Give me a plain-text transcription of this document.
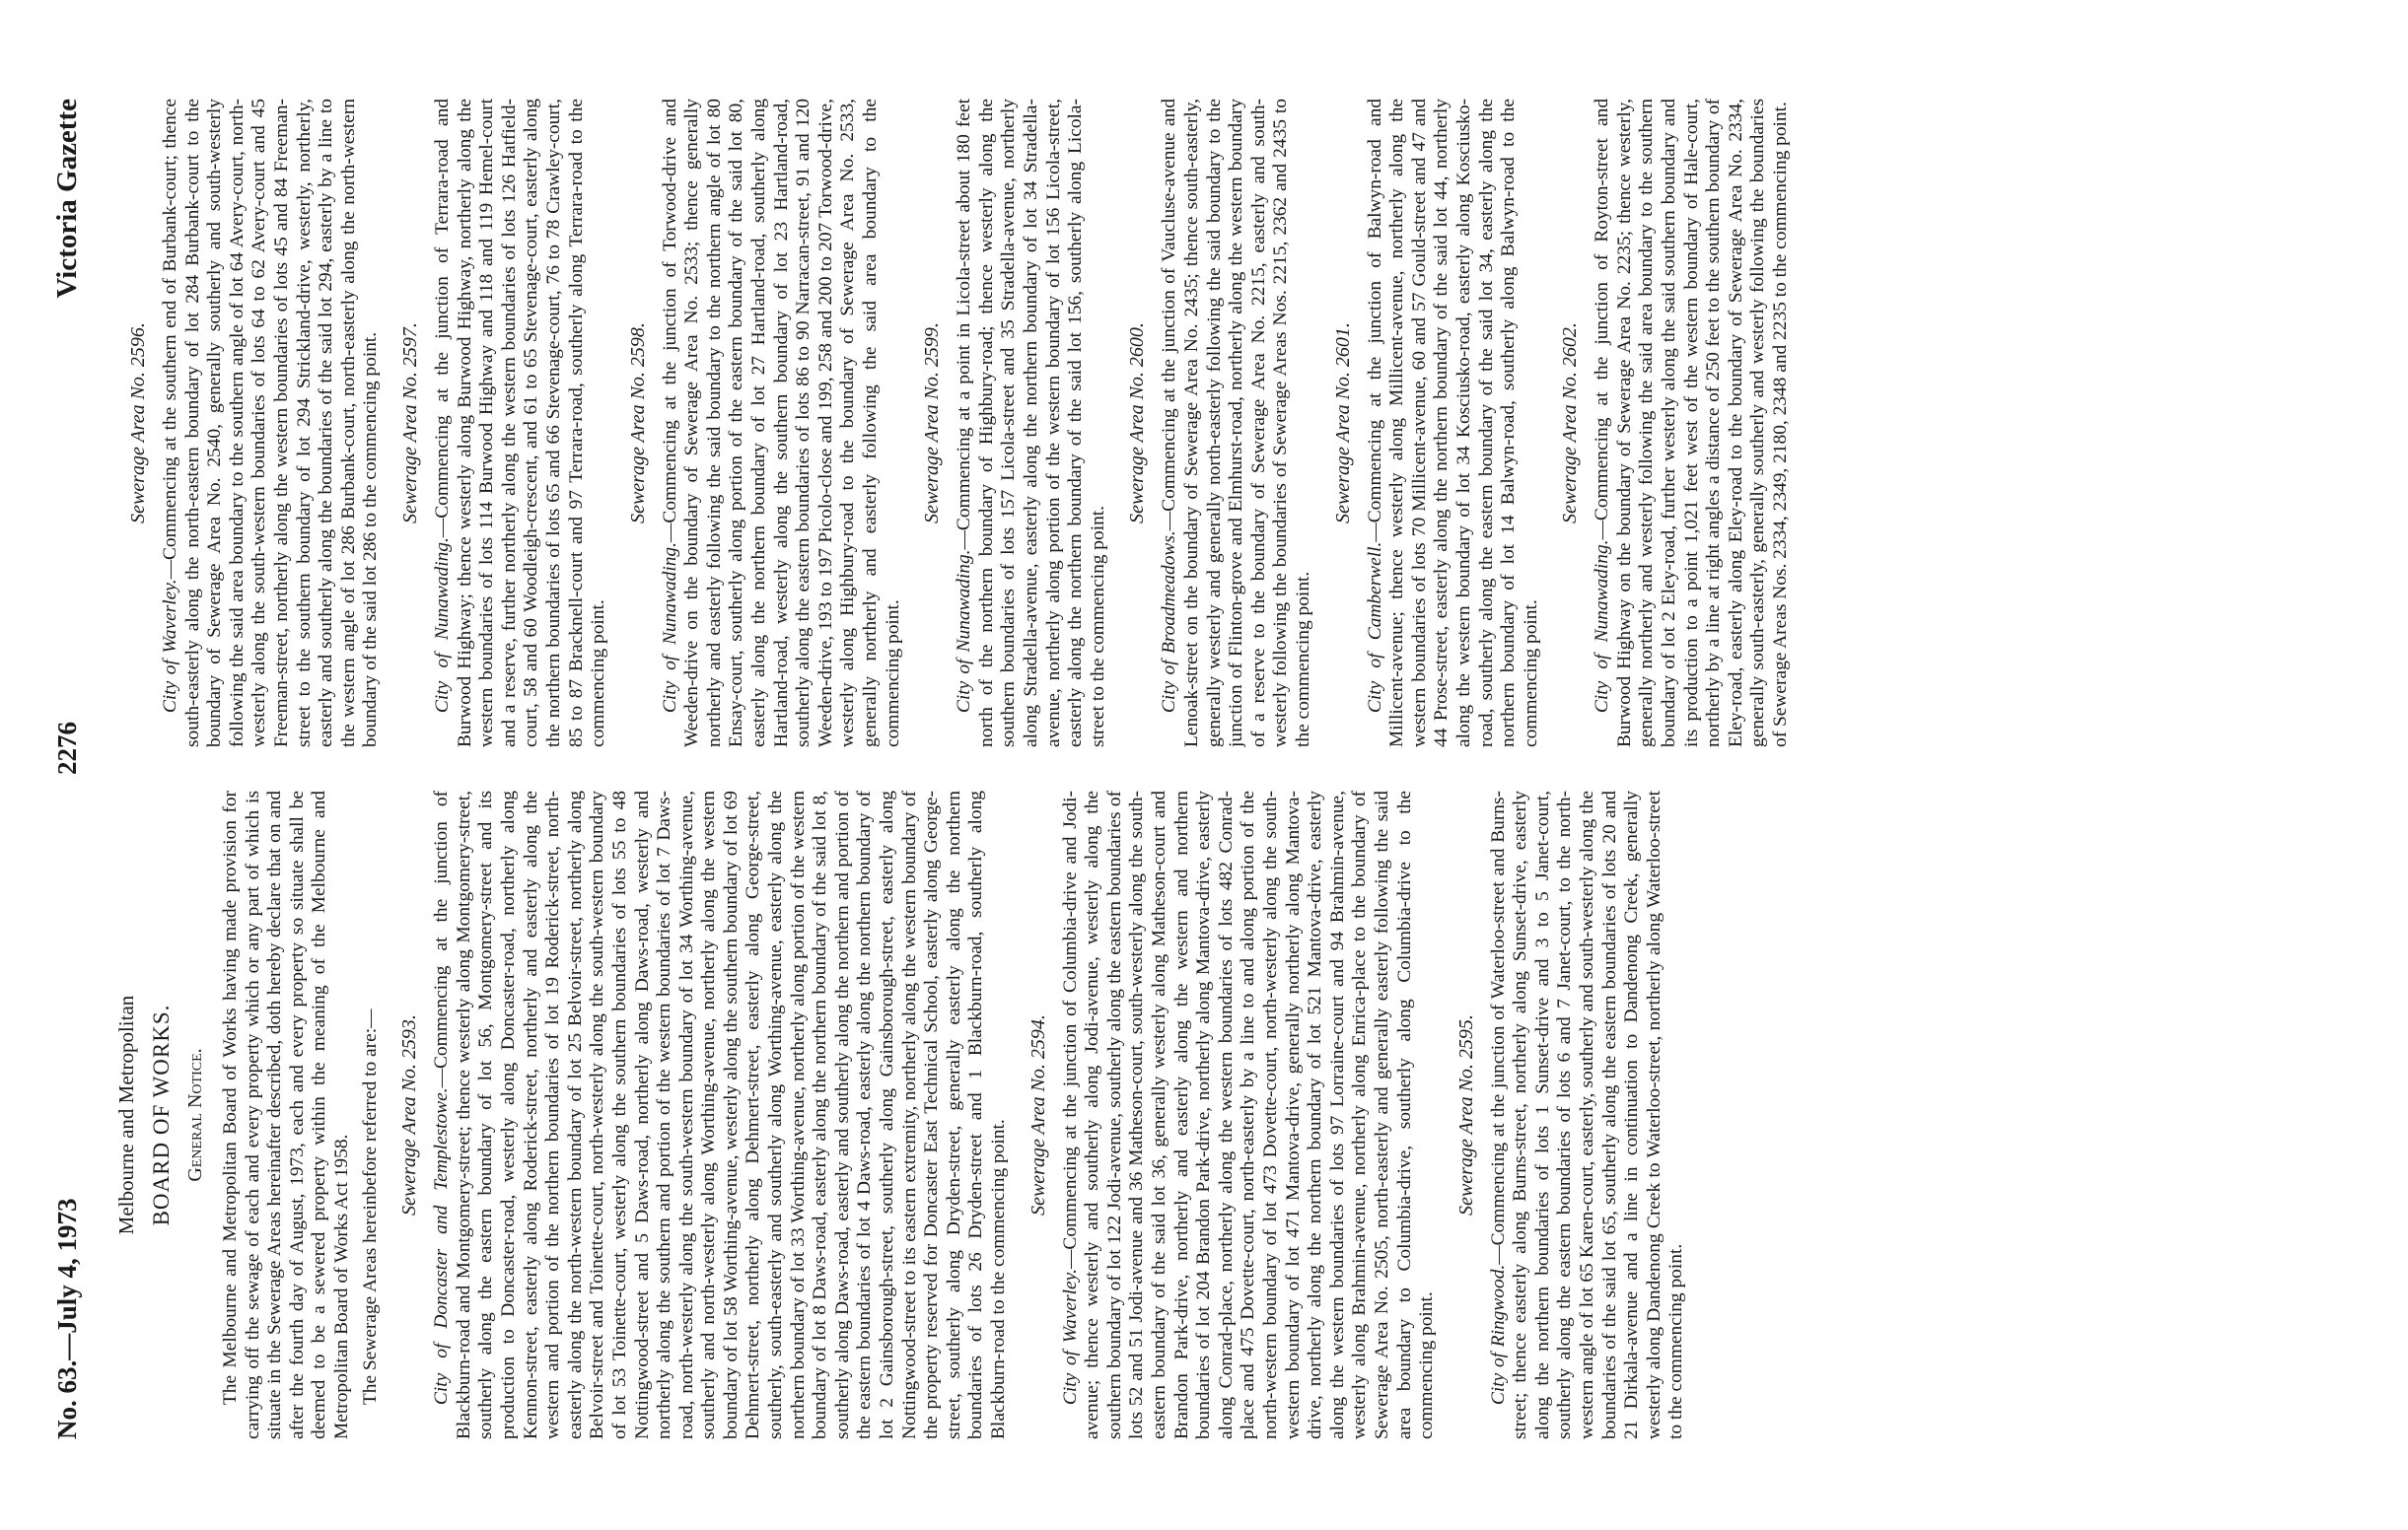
No. 63.—July 4, 1973
2276
Victoria Gazette
Melbourne and Metropolitan BOARD OF WORKS. General Notice. The Melbourne and Metropolitan Board of Works having made provision for carrying off the sewage of each and every property which or any part of which is situate in the Sewerage Areas hereinafter described, doth hereby declare that on and after the fourth day of August, 1973, each and every property so situate shall be deemed to be a sewered property within the meaning of the Melbourne and Metropolitan Board of Works Act 1958. The Sewerage Areas hereinbefore referred to are:— Sewerage Area No. 2593. City of Doncaster and Templestowe.—Commencing at the junction of Blackburn-road and Montgomery-street; thence westerly along Montgomery-street, southerly along the eastern boundary of lot 56, Montgomery-street and its production to Doncaster-road, westerly along Doncaster-road, northerly along Kennon-street, easterly along Roderick-street, northerly and easterly along the western and portion of the northern boundaries of lot 19 Roderick-street, north-easterly along the north-western boundary of lot 25 Belvoir-street, northerly along Belvoir-street and Toinette-court, north-westerly along the south-western boundary of lot 53 Toinette-court, westerly along the southern boundaries of lots 55 to 48 Nottingwood-street and 5 Daws-road, northerly along Daws-road, westerly and northerly along the southern and portion of the western boundaries of lot 7 Daws-road, north-westerly along the south-western boundary of lot 34 Worthing-avenue, southerly and north-westerly along Worthing-avenue, northerly along the western boundary of lot 58 Worthing-avenue, westerly along the southern boundary of lot 69 Dehmert-street, northerly along Dehmert-street, easterly along George-street, southerly, south-easterly and southerly along Worthing-avenue, easterly along the northern boundary of lot 33 Worthing-avenue, northerly along portion of the western boundary of lot 8 Daws-road, easterly along the northern boundary of the said lot 8, southerly along Daws-road, easterly and southerly along the northern and portion of the eastern boundaries of lot 4 Daws-road, easterly along the northern boundary of lot 2 Gainsborough-street, southerly along Gainsborough-street, easterly along Nottingwood-street to its eastern extremity, northerly along the western boundary of the property reserved for Doncaster East Technical School, easterly along George-street, southerly along Dryden-street, generally easterly along the northern boundaries of lots 26 Dryden-street and 1 Blackburn-road, southerly along Blackburn-road to the commencing point.

Sewerage Area No. 2594.

City of Waverley.—Commencing at the junction of Columbia-drive and Jodi-avenue; thence westerly and southerly along Jodi-avenue, westerly along the southern boundary of lot 122 Jodi-avenue, southerly along the eastern boundaries of lots 52 and 51 Jodi-avenue and 36 Matheson-court, south-westerly along the south-eastern boundary of the said lot 36, generally westerly along Matheson-court and Brandon Park-drive, northerly and easterly along the western and northern boundaries of lot 204 Brandon Park-drive, northerly along Mantova-drive, easterly along Conrad-place, northerly along the western boundaries of lots 482 Conrad-place and 475 Dovette-court, north-easterly by a line to and along portion of the north-western boundary of lot 473 Dovette-court, north-westerly along the south-western boundary of lot 471 Mantova-drive, generally northerly along Mantova-drive, northerly along the northern boundary of lot 521 Mantova-drive, easterly along the western boundaries of lots 97 Lorraine-court and 94 Brahmin-avenue, westerly along Brahmin-avenue, northerly along Enrica-place to the boundary of Sewerage Area No. 2505, north-easterly and generally easterly following the said area boundary to Columbia-drive, southerly along Columbia-drive to the commencing point.

Sewerage Area No. 2595.

City of Ringwood.—Commencing at the junction of Waterloo-street and Burns-street; thence easterly along Burns-street, northerly along Sunset-drive, easterly along the northern boundaries of lots 1 Sunset-drive and 3 to 5 Janet-court, southerly along the eastern boundaries of lots 6 and 7 Janet-court, to the north-western angle of lot 65 Karen-court, easterly, southerly and south-westerly along the boundaries of the said lot 65, southerly along the eastern boundaries of lots 20 and 21 Dirkala-avenue and a line in continuation to Dandenong Creek, generally westerly along Dandenong Creek to Waterloo-street, northerly along Waterloo-street to the commencing point.

Sewerage Area No. 2596.

City of Waverley.—Commencing at the southern end of Burbank-court; thence south-easterly along the north-eastern boundary of lot 284 Burbank-court to the boundary of Sewerage Area No. 2540, generally southerly and south-westerly following the said area boundary to the southern angle of lot 64 Avery-court, north-westerly along the south-western boundaries of lots 64 to 62 Avery-court and 45 Freeman-street, northerly along the western boundaries of lots 45 and 84 Freeman-street to the southern boundary of lot 294 Strickland-drive, westerly, northerly, easterly and southerly along the boundaries of the said lot 294, easterly by a line to the western angle of lot 286 Burbank-court, north-easterly along the north-western boundary of the said lot 286 to the commencing point. Sewerage Area No. 2597.

City of Nunawading.—Commencing at the junction of Terrara-road and Burwood Highway; thence westerly along Burwood Highway, northerly along the western boundaries of lots 114 Burwood Highway and 118 and 119 Hemel-court and a reserve, further northerly along the western boundaries of lots 126 Hatfield-court, 58 and 60 Woodleigh-crescent, and 61 to 65 Stevenage-court, easterly along the northern boundaries of lots 65 and 66 Stevenage-court, 76 to 78 Crawley-court, 85 to 87 Bracknell-court and 97 Terrara-road, southerly along Terrara-road to the commencing point.

Sewerage Area No. 2598.

City of Nunawading.—Commencing at the junction of Torwood-drive and Weeden-drive on the boundary of Sewerage Area No. 2533; thence generally northerly and easterly following the said boundary to the northern angle of lot 80 Ensay-court, southerly along portion of the eastern boundary of the said lot 80, easterly along the northern boundary of lot 27 Hartland-road, southerly along Hartland-road, westerly along the southern boundary of lot 23 Hartland-road, southerly along the eastern boundaries of lots 86 to 90 Narracan-street, 91 and 120 Weeden-drive, 193 to 197 Picolo-close and 199, 258 and 200 to 207 Torwood-drive, westerly along Highbury-road to the boundary of Sewerage Area No. 2533, generally northerly and easterly following the said area boundary to the commencing point.

Sewerage Area No. 2599.

City of Nunawading.—Commencing at a point in Licola-street about 180 feet north of the northern boundary of Highbury-road; thence westerly along the southern boundaries of lots 157 Licola-street and 35 Stradella-avenue, northerly along Stradella-avenue, easterly along the northern boundary of lot 34 Stradella-avenue, northerly along portion of the western boundary of lot 156 Licola-street, easterly along the northern boundary of the said lot 156, southerly along Licola-street to the commencing point.

Sewerage Area No. 2600.

City of Broadmeadows.—Commencing at the junction of Vaucluse-avenue and Lenoak-street on the boundary of Sewerage Area No. 2435; thence south-easterly, generally westerly and generally north-easterly following the said boundary to the junction of Flinton-grove and Elmhurst-road, northerly along the western boundary of a reserve to the boundary of Sewerage Area No. 2215, easterly and south-westerly following the boundaries of Sewerage Areas Nos. 2215, 2362 and 2435 to the commencing point.

Sewerage Area No. 2601.

City of Camberwell.—Commencing at the junction of Balwyn-road and Millicent-avenue; thence westerly along Millicent-avenue, northerly along the western boundaries of lots 70 Millicent-avenue, 60 and 57 Gould-street and 47 and 44 Prose-street, easterly along the northern boundary of the said lot 44, northerly along the western boundary of lot 34 Kosciusko-road, easterly along Kosciusko-road, southerly along the eastern boundary of the said lot 34, easterly along the northern boundary of lot 14 Balwyn-road, southerly along Balwyn-road to the commencing point.

Sewerage Area No. 2602.

City of Nunawading.—Commencing at the junction of Royton-street and Burwood Highway on the boundary of Sewerage Area No. 2235; thence westerly, generally northerly and westerly following the said area boundary to the southern boundary of lot 2 Eley-road, further westerly along the said southern boundary and its production to a point 1,021 feet west of the western boundary of Hale-court, northerly by a line at right angles a distance of 250 feet to the southern boundary of Eley-road, easterly along Eley-road to the boundary of Sewerage Area No. 2334, generally south-easterly, generally southerly and westerly following the boundaries of Sewerage Areas Nos. 2334, 2349, 2180, 2348 and 2235 to the commencing point.
